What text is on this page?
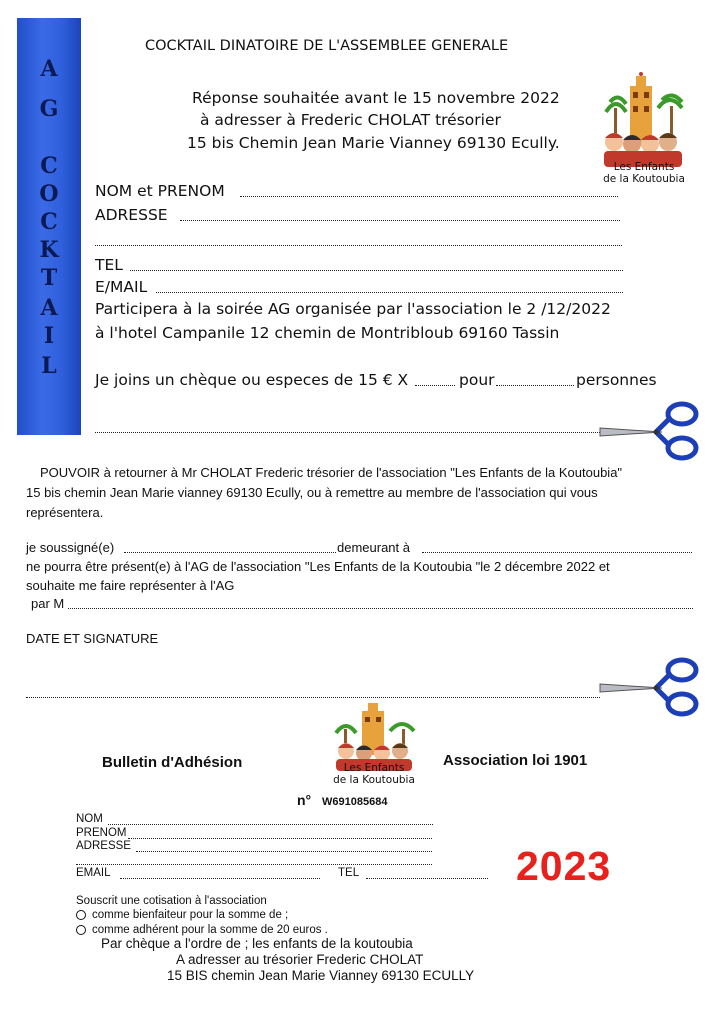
A
G
C
O
C
K
T
A
I
L
COCKTAIL DINATOIRE DE L'ASSEMBLEE GENERALE
Réponse souhaitée avant le 15 novembre 2022
à adresser à Frederic CHOLAT trésorier
15 bis Chemin Jean Marie Vianney 69130 Ecully.
Les Enfants
de la Koutoubia
NOM et PRENOM
ADRESSE
TEL
E/MAIL
Participera à la soirée AG organisée par l'association le 2 /12/2022
à l'hotel Campanile 12 chemin de Montribloub 69160 Tassin
Je joins un chèque ou especes de 15 € X	pour	personnes
POUVOIR à retourner à Mr CHOLAT Frederic trésorier de l'association "Les Enfants de la Koutoubia"
15 bis chemin Jean Marie vianney 69130 Ecully, ou à remettre au membre de l'association qui vous
représentera.
je soussigné(e)	demeurant à
ne pourra être présent(e) à l'AG de l'association "Les Enfants de la Koutoubia "le 2 décembre 2022 et
souhaite me faire représenter à l'AG
par M
DATE ET SIGNATURE
Les Enfants
de la Koutoubia
Bulletin d'Adhésion	Association loi 1901
n° W691085684
NOM
PRENOM
ADRESSE
EMAIL	TEL	2023
Souscrit une cotisation à l'association
comme bienfaiteur pour la somme de ;
comme adhérent pour la somme de 20 euros .
Par chèque a l'ordre de ; les enfants de la koutoubia
A adresser au trésorier Frederic CHOLAT
15 BIS chemin Jean Marie Vianney 69130 ECULLY
